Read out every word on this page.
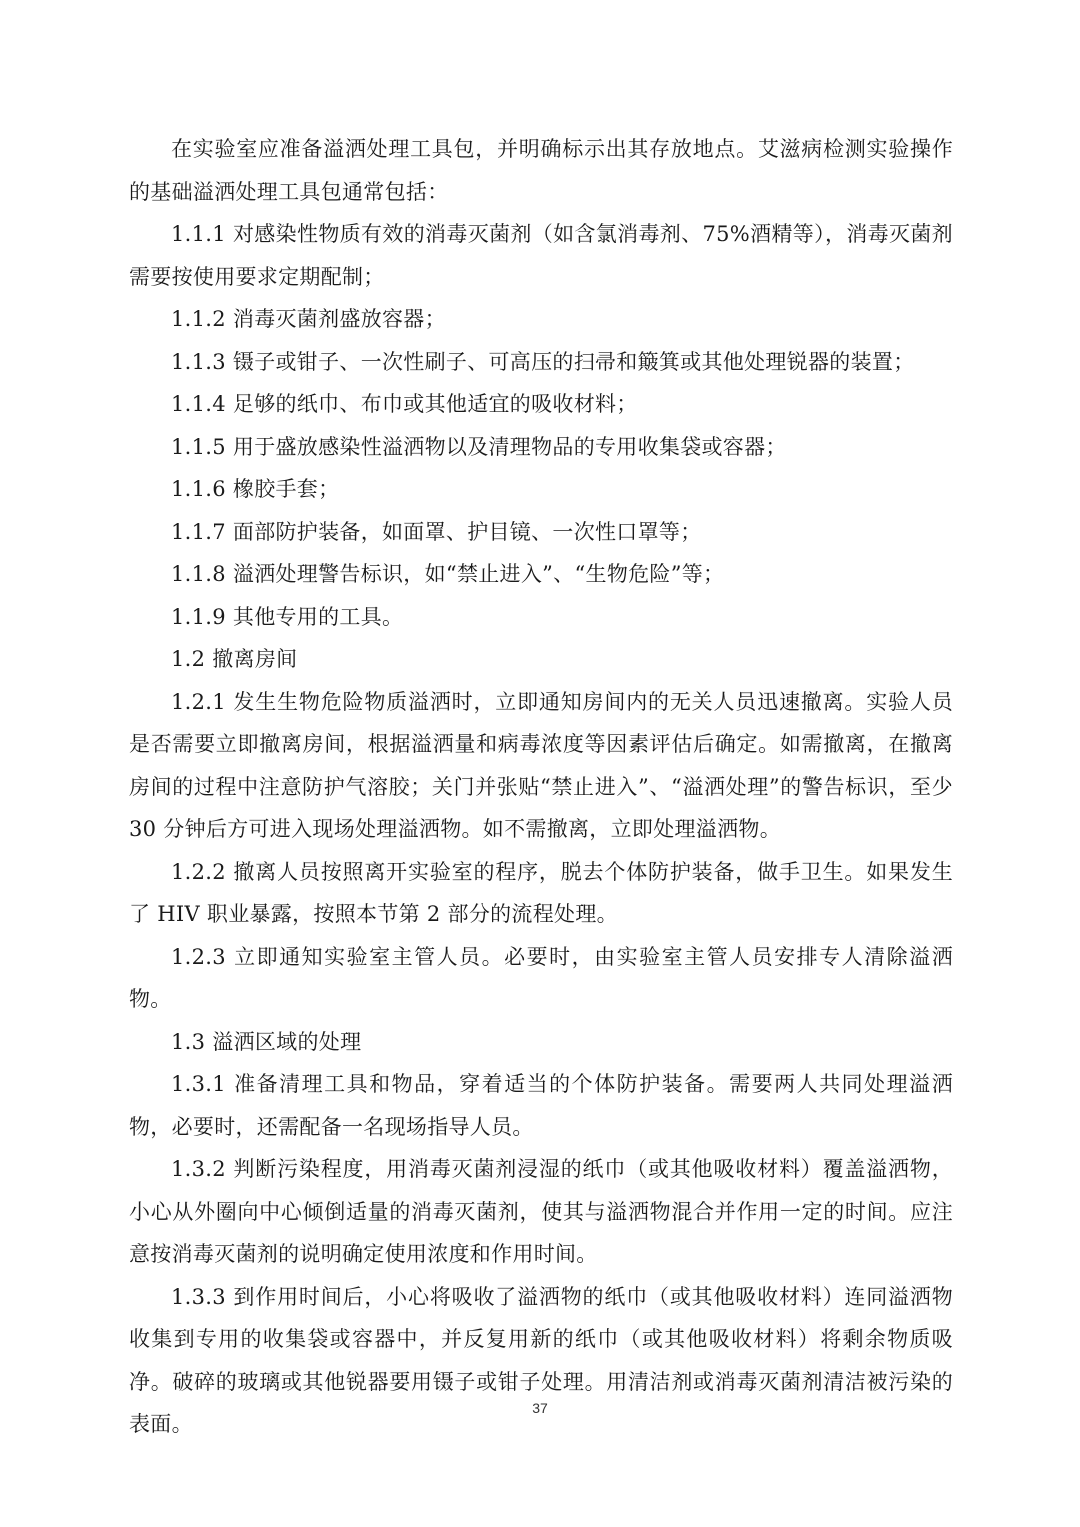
在实验室应准备溢洒处理工具包，并明确标示出其存放地点。艾滋病检测实验操作的基础溢洒处理工具包通常包括：

1.1.1 对感染性物质有效的消毒灭菌剂（如含氯消毒剂、75%酒精等），消毒灭菌剂需要按使用要求定期配制；

1.1.2 消毒灭菌剂盛放容器；

1.1.3 镊子或钳子、一次性刷子、可高压的扫帚和簸箕或其他处理锐器的装置；

1.1.4 足够的纸巾、布巾或其他适宜的吸收材料；

1.1.5 用于盛放感染性溢洒物以及清理物品的专用收集袋或容器；

1.1.6 橡胶手套；

1.1.7 面部防护装备，如面罩、护目镜、一次性口罩等；

1.1.8 溢洒处理警告标识，如“禁止进入”、“生物危险”等；

1.1.9 其他专用的工具。

1.2 撤离房间

1.2.1 发生生物危险物质溢洒时，立即通知房间内的无关人员迅速撤离。实验人员是否需要立即撤离房间，根据溢洒量和病毒浓度等因素评估后确定。如需撤离，在撤离房间的过程中注意防护气溶胶；关门并张贴“禁止进入”、“溢洒处理”的警告标识，至少 30 分钟后方可进入现场处理溢洒物。如不需撤离，立即处理溢洒物。

1.2.2 撤离人员按照离开实验室的程序，脱去个体防护装备，做手卫生。如果发生了 HIV 职业暴露，按照本节第 2 部分的流程处理。

1.2.3 立即通知实验室主管人员。必要时，由实验室主管人员安排专人清除溢洒物。

1.3 溢洒区域的处理

1.3.1 准备清理工具和物品，穿着适当的个体防护装备。需要两人共同处理溢洒物，必要时，还需配备一名现场指导人员。

1.3.2 判断污染程度，用消毒灭菌剂浸湿的纸巾（或其他吸收材料）覆盖溢洒物，小心从外圈向中心倾倒适量的消毒灭菌剂，使其与溢洒物混合并作用一定的时间。应注意按消毒灭菌剂的说明确定使用浓度和作用时间。

1.3.3 到作用时间后，小心将吸收了溢洒物的纸巾（或其他吸收材料）连同溢洒物收集到专用的收集袋或容器中，并反复用新的纸巾（或其他吸收材料）将剩余物质吸净。破碎的玻璃或其他锐器要用镊子或钳子处理。用清洁剂或消毒灭菌剂清洁被污染的表面。

37
